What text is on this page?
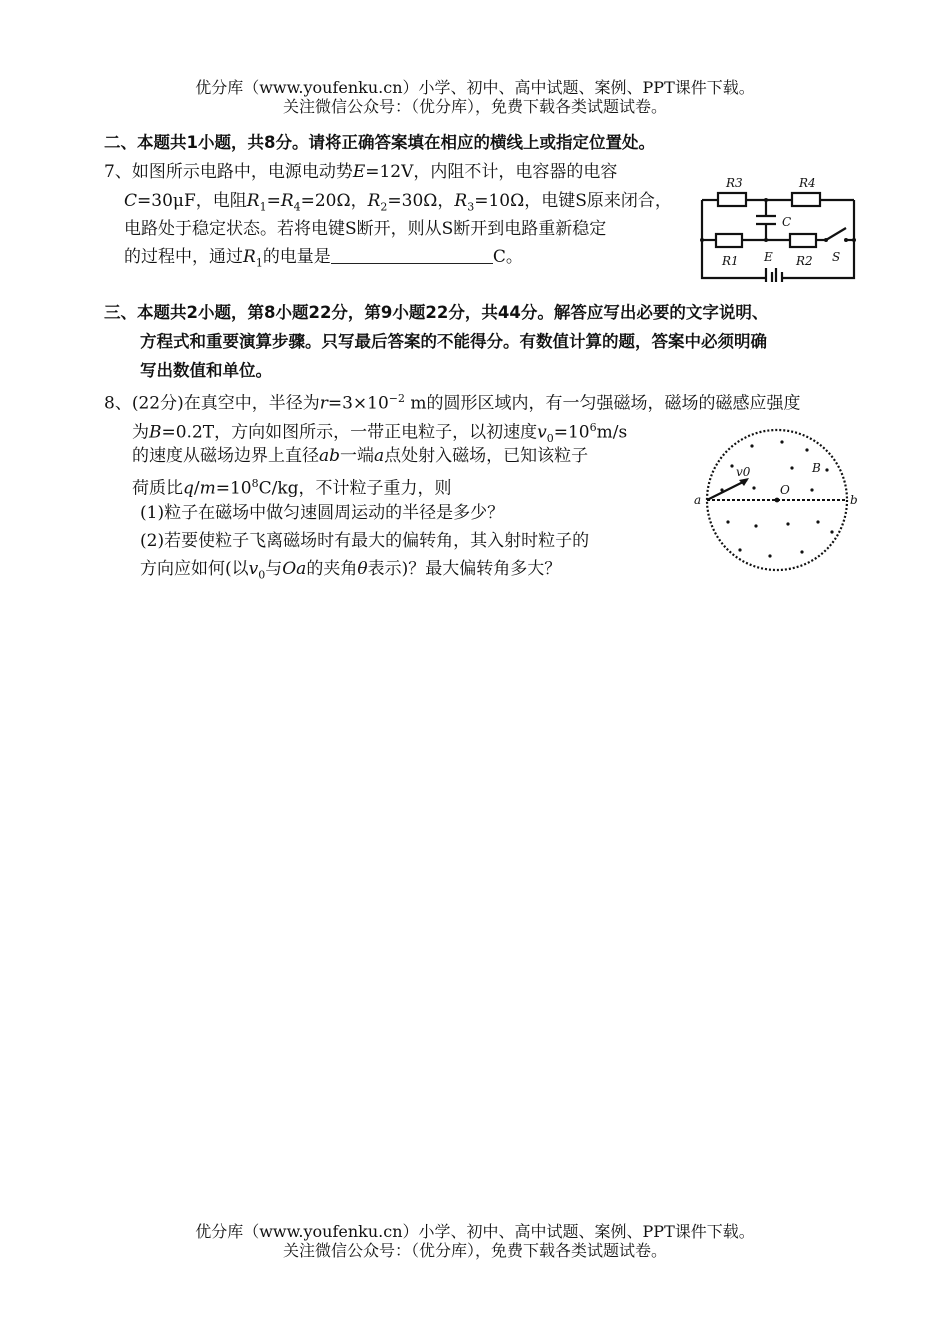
优分库（www.youfenku.cn）小学、初中、高中试题、案例、PPT课件下载。
关注微信公众号：（优分库），免费下载各类试题试卷。
二、本题共1小题，共8分。请将正确答案填在相应的横线上或指定位置处。
7、如图所示电路中，电源电动势E=12V，内阻不计，电容器的电容
C=30μF，电阻$R_1=R_4=20\Omega$，$R_2=30\Omega$，$R_3=10\Omega$，电键S原来闭合，
电路处于稳定状态。若将电键S断开，则从S断开到电路重新稳定
的过程中，通过$R_1$的电量是	C。
R3	R4
C
R1 E R2 S
三、本题共2小题，第8小题22分，第9小题22分，共44分。解答应写出必要的文字说明、
方程式和重要演算步骤。只写最后答案的不能得分。有数值计算的题，答案中必须明确
写出数值和单位。
8、(22分)在真空中，半径为$r=3\times 10^{-2}$ m的圆形区域内，有一匀强磁场，磁场的磁感应强度
为B=0.2T，方向如图所示，一带正电粒子，以初速度$v_0=10^6m/s$
的速度从磁场边界上直径ab一端a点处射入磁场，已知该粒子
荷质比$q/m=10^8C/kg$，不计粒子重力，则
(1)粒子在磁场中做匀速圆周运动的半径是多少？
(2)若要使粒子飞离磁场时有最大的偏转角，其入射时粒子的
方向应如何(以$v_0$与Oa的夹角θ表示)？最大偏转角多大？
a	b
v0	B
O
优分库（www.youfenku.cn）小学、初中、高中试题、案例、PPT课件下载。
关注微信公众号：（优分库），免费下载各类试题试卷。
